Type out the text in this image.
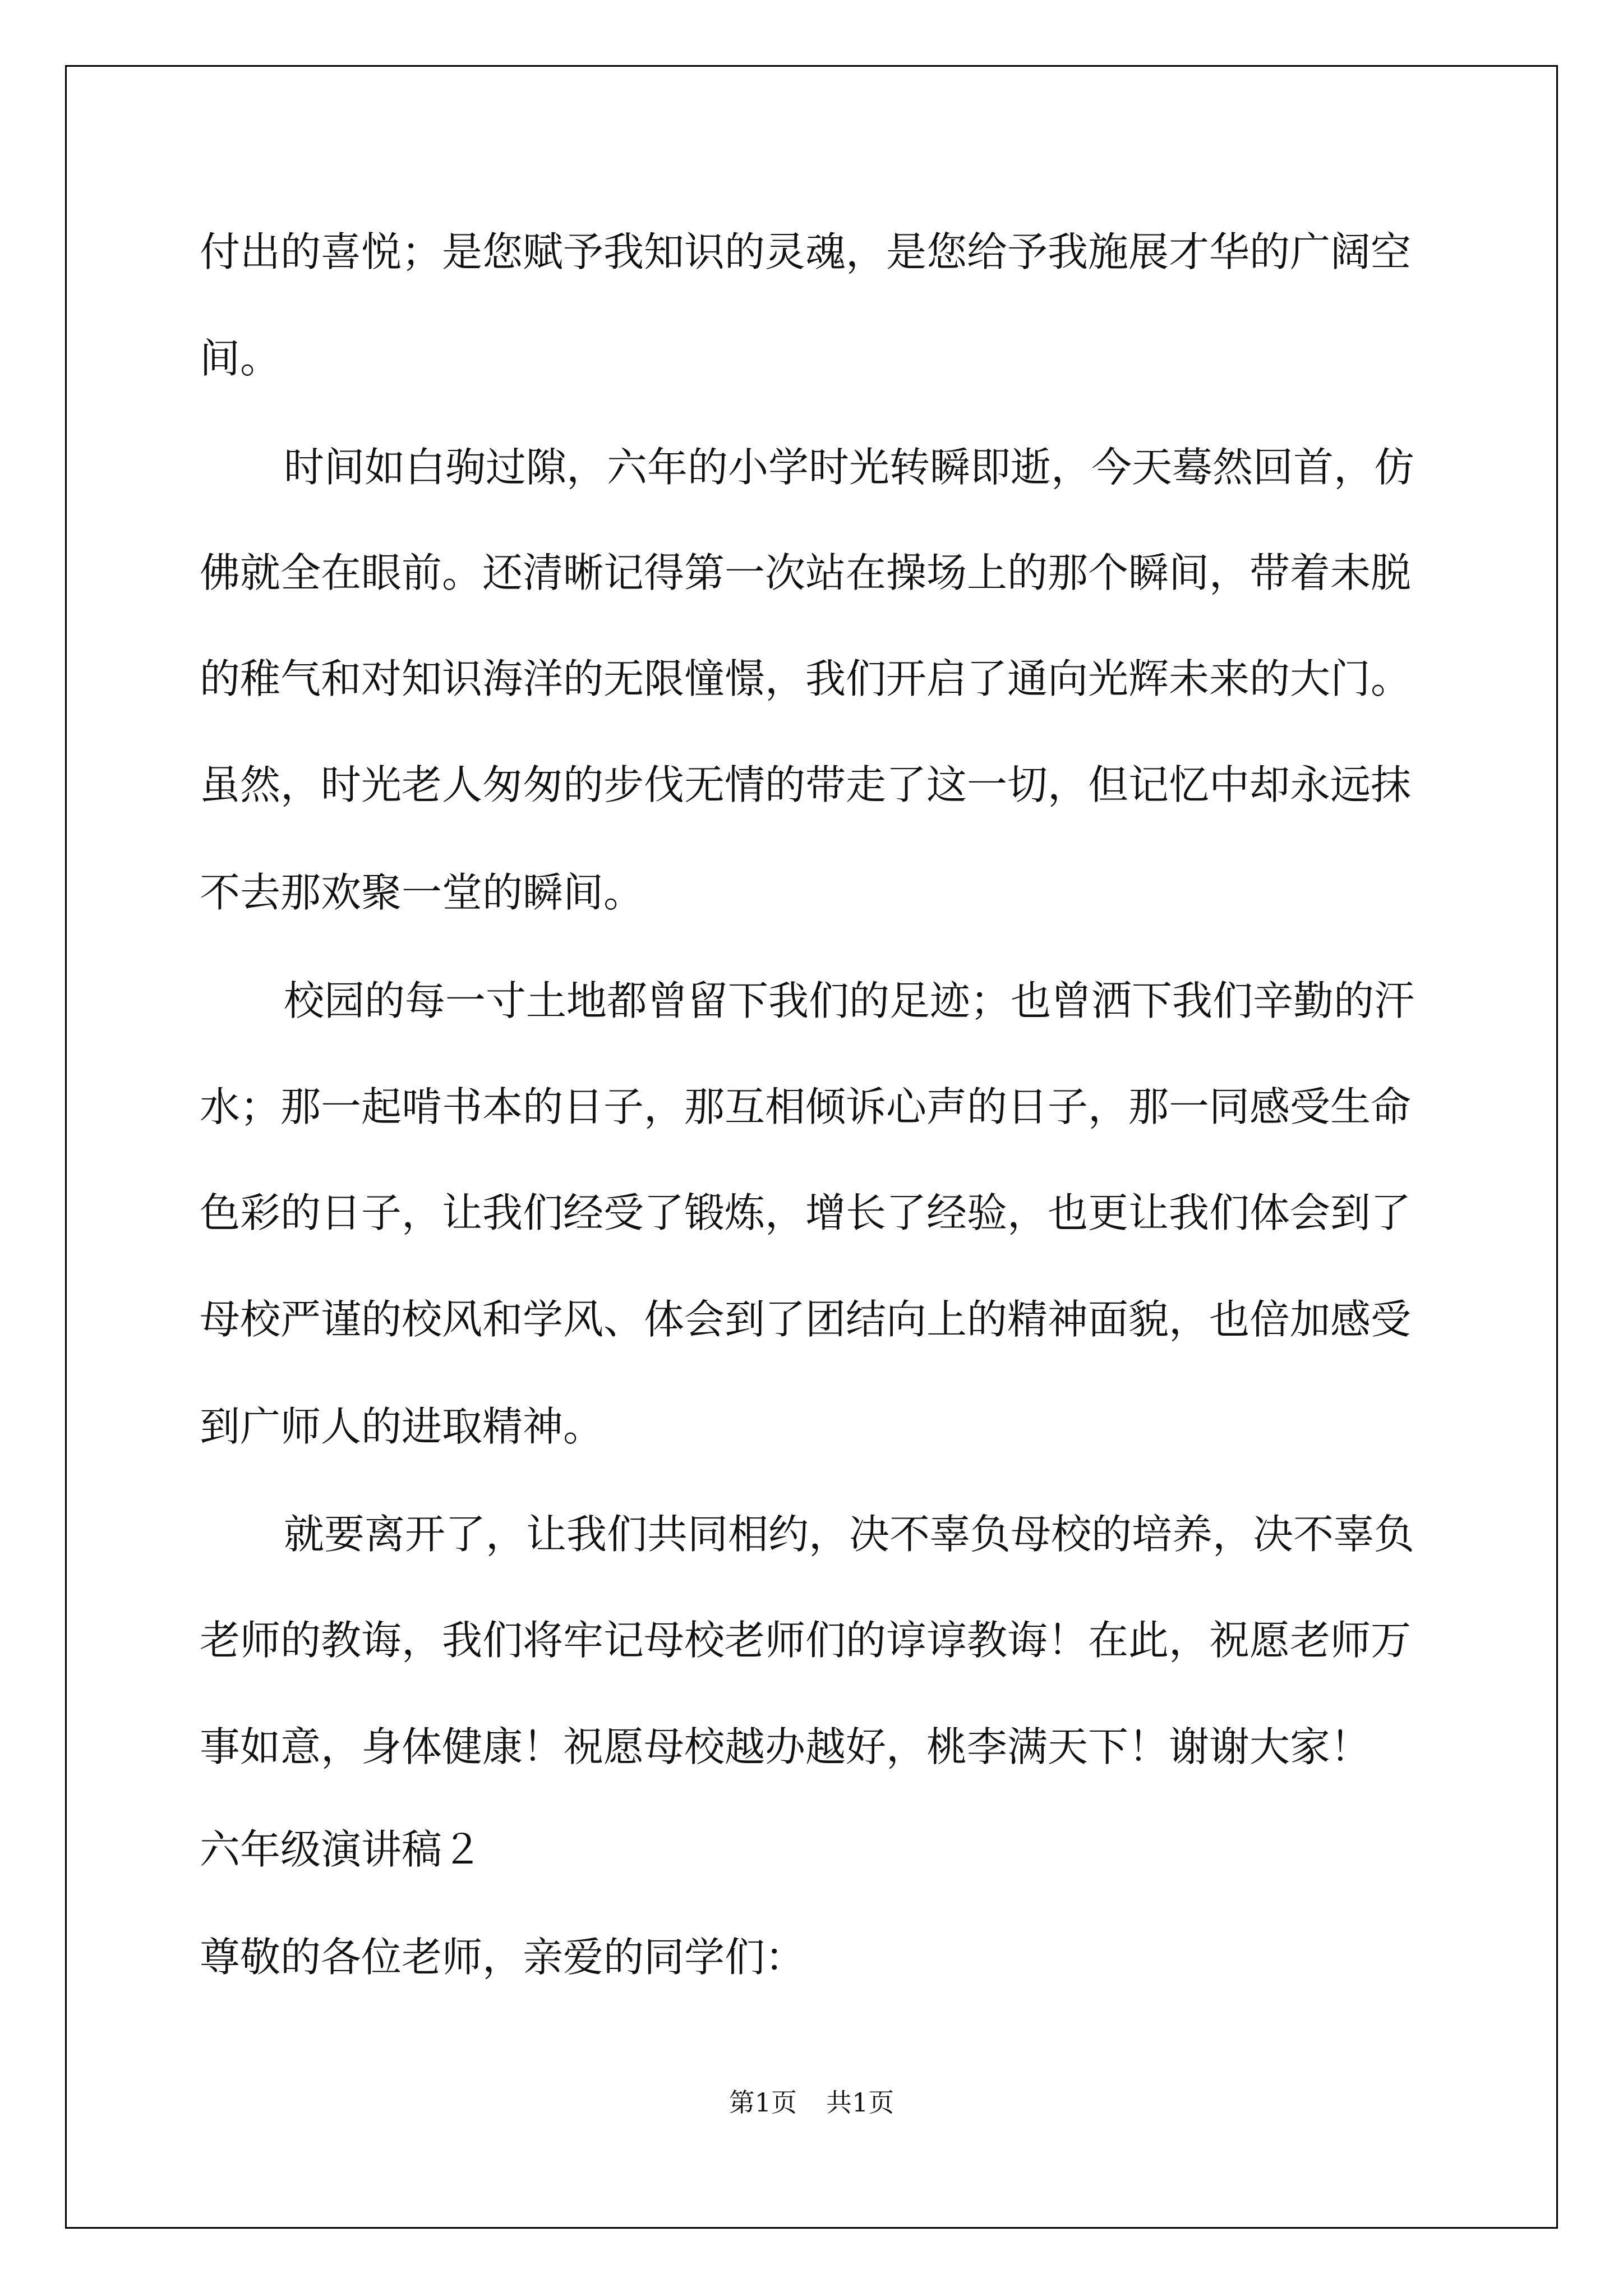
付出的喜悦；是您赋予我知识的灵魂，是您给予我施展才华的广阔空
间。
时间如白驹过隙，六年的小学时光转瞬即逝，今天蓦然回首，仿
佛就全在眼前。还清晰记得第一次站在操场上的那个瞬间，带着未脱
的稚气和对知识海洋的无限憧憬，我们开启了通向光辉未来的大门。
虽然，时光老人匆匆的步伐无情的带走了这一切，但记忆中却永远抹
不去那欢聚一堂的瞬间。
校园的每一寸土地都曾留下我们的足迹；也曾洒下我们辛勤的汗
水；那一起啃书本的日子，那互相倾诉心声的日子，那一同感受生命
色彩的日子，让我们经受了锻炼，增长了经验，也更让我们体会到了
母校严谨的校风和学风、体会到了团结向上的精神面貌，也倍加感受
到广师人的进取精神。
就要离开了，让我们共同相约，决不辜负母校的培养，决不辜负
老师的教诲，我们将牢记母校老师们的谆谆教诲！在此，祝愿老师万
事如意，身体健康！祝愿母校越办越好，桃李满天下！谢谢大家！
六年级演讲稿２
尊敬的各位老师，亲爱的同学们：
第1页 共1页
